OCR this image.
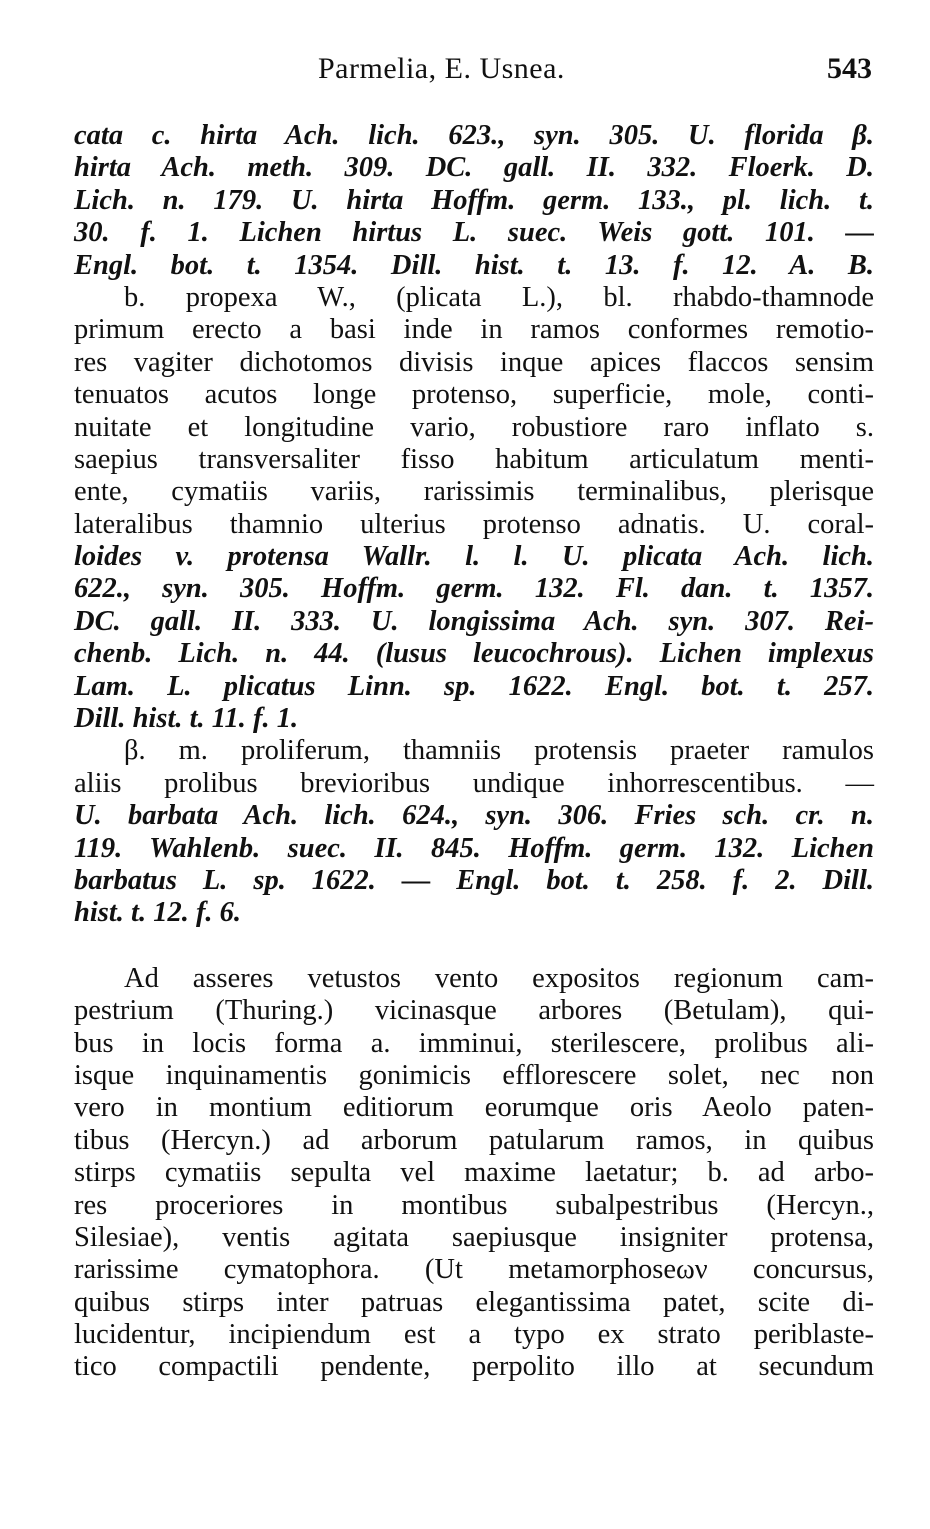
Parmelia, E. Usnea.	543
cata c. hirta Ach. lich. 623., syn. 305. U. florida β.
hirta Ach. meth. 309. DC. gall. II. 332. Floerk. D.
Lich. n. 179. U. hirta Hoffm. germ. 133., pl. lich. t.
30. f. 1. Lichen hirtus L. suec. Weis gott. 101. —
Engl. bot. t. 1354. Dill. hist. t. 13. f. 12. A. B.
b. propexa W., (plicata L.), bl. rhabdo-thamnode
primum erecto a basi inde in ramos conformes remotio-
res vagiter dichotomos divisis inque apices flaccos sensim
tenuatos acutos longe protenso, superficie, mole, conti-
nuitate et longitudine vario, robustiore raro inflato s.
saepius transversaliter fisso habitum articulatum menti-
ente, cymatiis variis, rarissimis terminalibus, plerisque
lateralibus thamnio ulterius protenso adnatis. U. coral-
loides v. protensa Wallr. l. l. U. plicata Ach. lich.
622., syn. 305. Hoffm. germ. 132. Fl. dan. t. 1357.
DC. gall. II. 333. U. longissima Ach. syn. 307. Rei-
chenb. Lich. n. 44. (lusus leucochrous). Lichen implexus
Lam. L. plicatus Linn. sp. 1622. Engl. bot. t. 257.
Dill. hist. t. 11. f. 1.
β. m. proliferum, thamniis protensis praeter ramulos
aliis prolibus brevioribus undique inhorrescentibus. —
U. barbata Ach. lich. 624., syn. 306. Fries sch. cr. n.
119. Wahlenb. suec. II. 845. Hoffm. germ. 132. Lichen
barbatus L. sp. 1622. — Engl. bot. t. 258. f. 2. Dill.
hist. t. 12. f. 6.
Ad asseres vetustos vento expositos regionum cam-
pestrium (Thuring.) vicinasque arbores (Betulam), qui-
bus in locis forma a. imminui, sterilescere, prolibus ali-
isque inquinamentis gonimicis efflorescere solet, nec non
vero in montium editiorum eorumque oris Aeolo paten-
tibus (Hercyn.) ad arborum patularum ramos, in quibus
stirps cymatiis sepulta vel maxime laetatur; b. ad arbo-
res proceriores in montibus subalpestribus (Hercyn.,
Silesiae), ventis agitata saepiusque insigniter protensa,
rarissime cymatophora. (Ut metamorphoseων concursus,
quibus stirps inter patruas elegantissima patet, scite di-
lucidentur, incipiendum est a typo ex strato periblaste-
tico compactili pendente, perpolito illo at secundum
